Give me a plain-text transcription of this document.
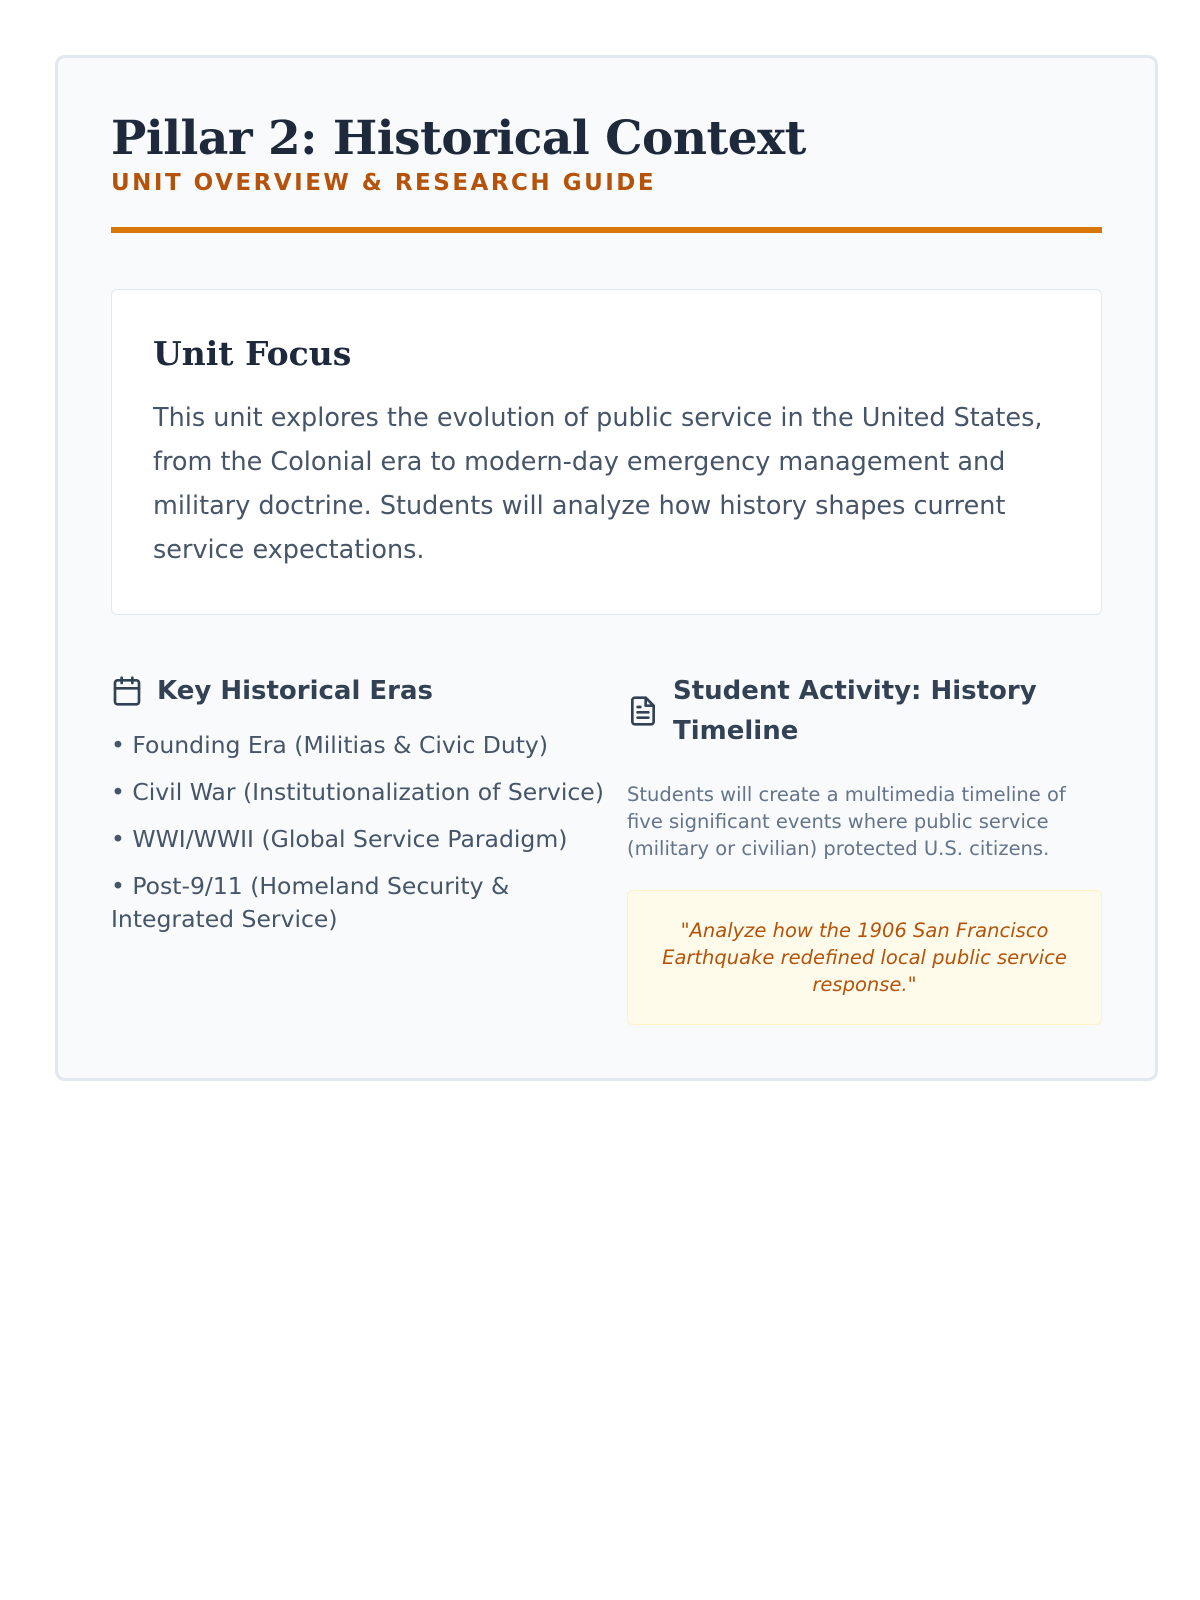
Pillar 2: Historical Context
UNIT OVERVIEW & RESEARCH GUIDE
Unit Focus

This unit explores the evolution of public service in the United States, from the Colonial era to modern-day emergency management and military doctrine. Students will analyze how history shapes current service expectations.

Key Historical Eras
• Founding Era (Militias & Civic Duty)
• Civil War (Institutionalization of Service)
• WWI/WWII (Global Service Paradigm)
• Post-9/11 (Homeland Security & Integrated Service)
Student Activity: History Timeline

Students will create a multimedia timeline of five significant events where public service (military or civilian) protected U.S. citizens.

"Analyze how the 1906 San Francisco Earthquake redefined local public service response."
